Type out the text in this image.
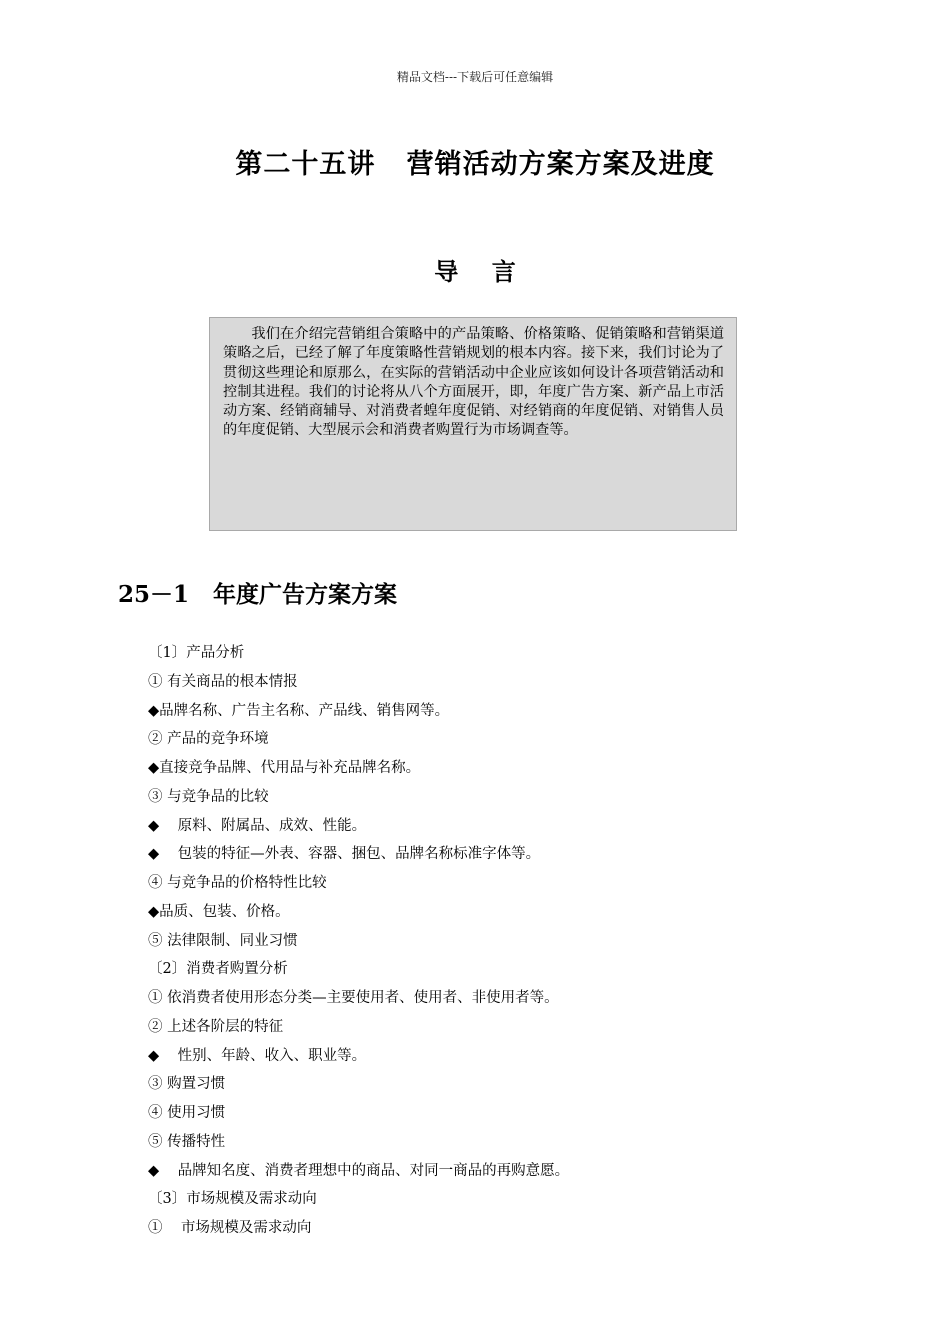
精品文档---下载后可任意编辑
第二十五讲   营销活动方案方案及进度
导    言

我们在介绍完营销组合策略中的产品策略、价格策略、促销策略和营销渠道策略之后，已经了解了年度策略性营销规划的根本内容。接下来，我们讨论为了贯彻这些理论和原那么，在实际的营销活动中企业应该如何设计各项营销活动和控制其进程。我们的讨论将从八个方面展开，即，年度广告方案、新产品上市活动方案、经销商辅导、对消费者蝗年度促销、对经销商的年度促销、对销售人员的年度促销、大型展示会和消费者购置行为市场调查等。

25－1   年度广告方案方案
〔1〕产品分析
① 有关商品的根本情报
◆品牌名称、广告主名称、产品线、销售网等。
② 产品的竞争环境
◆直接竞争品牌、代用品与补充品牌名称。
③ 与竞争品的比较
◆    原料、附属品、成效、性能。
◆    包装的特征—外表、容器、捆包、品牌名称标准字体等。
④ 与竞争品的价格特性比较
◆品质、包装、价格。
⑤ 法律限制、同业习惯
〔2〕消费者购置分析
① 依消费者使用形态分类—主要使用者、使用者、非使用者等。
② 上述各阶层的特征
◆    性别、年龄、收入、职业等。
③ 购置习惯
④ 使用习惯
⑤ 传播特性
◆    品牌知名度、消费者理想中的商品、对同一商品的再购意愿。
〔3〕市场规模及需求动向
①    市场规模及需求动向
